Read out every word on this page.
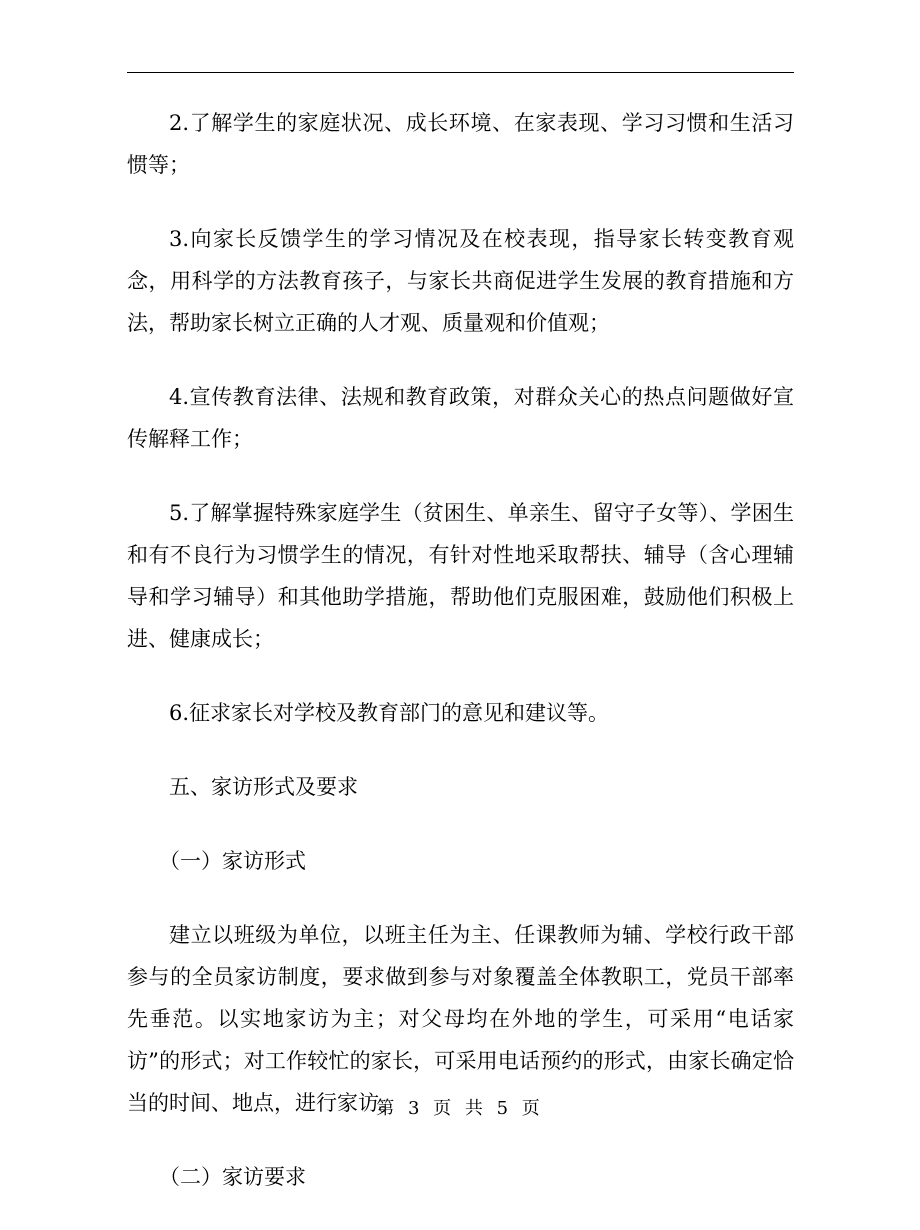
2.了解学生的家庭状况、成长环境、在家表现、学习习惯和生活习惯等；

3.向家长反馈学生的学习情况及在校表现，指导家长转变教育观念，用科学的方法教育孩子，与家长共商促进学生发展的教育措施和方法，帮助家长树立正确的人才观、质量观和价值观；

4.宣传教育法律、法规和教育政策，对群众关心的热点问题做好宣传解释工作；

5.了解掌握特殊家庭学生（贫困生、单亲生、留守子女等）、学困生和有不良行为习惯学生的情况，有针对性地采取帮扶、辅导（含心理辅导和学习辅导）和其他助学措施，帮助他们克服困难，鼓励他们积极上进、健康成长；

6.征求家长对学校及教育部门的意见和建议等。

五、家访形式及要求

（一）家访形式

建立以班级为单位，以班主任为主、任课教师为辅、学校行政干部参与的全员家访制度，要求做到参与对象覆盖全体教职工，党员干部率先垂范。以实地家访为主；对父母均在外地的学生，可采用“电话家访”的形式；对工作较忙的家长，可采用电话预约的形式，由家长确定恰当的时间、地点，进行家访。

（二）家访要求

第 3 页 共 5 页
